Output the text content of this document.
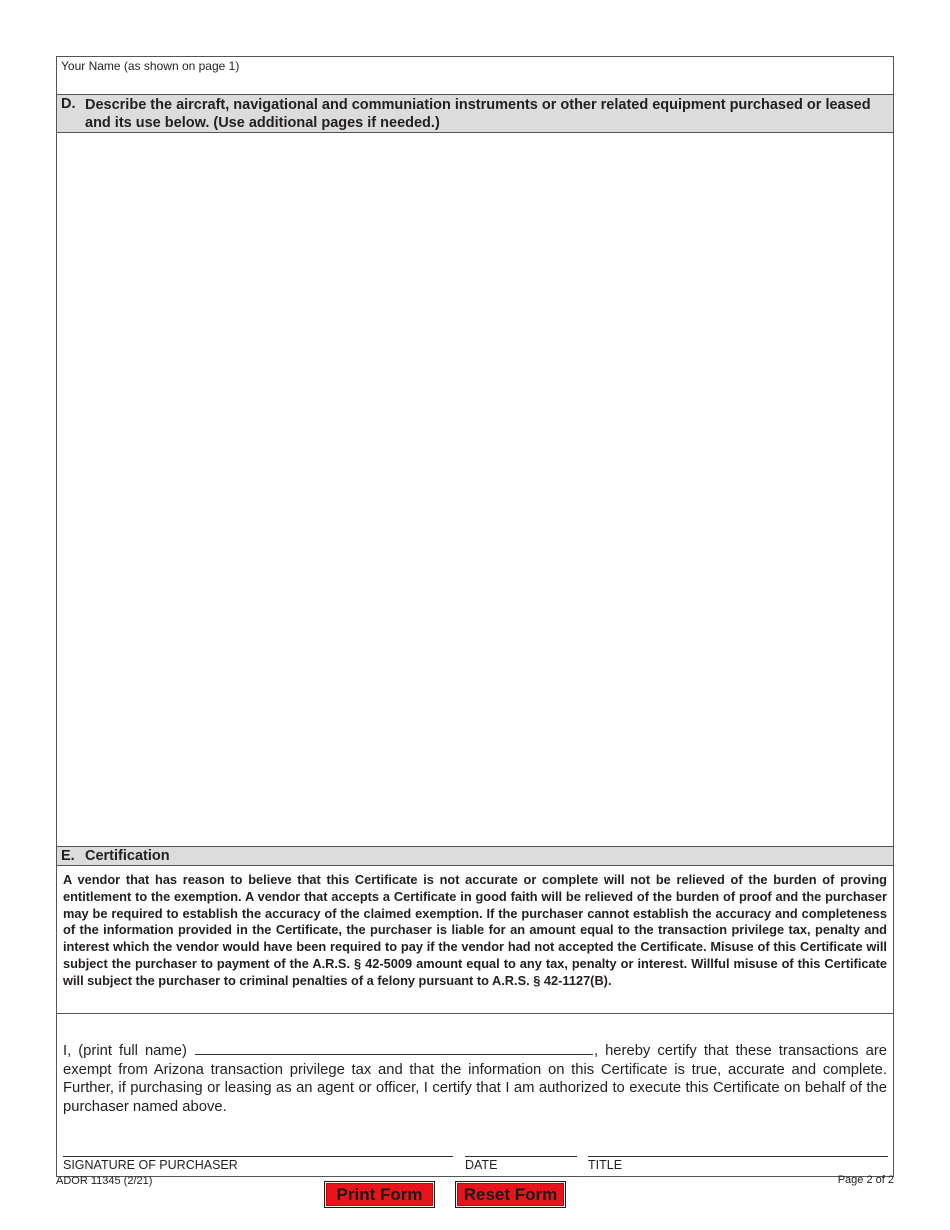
Your Name (as shown on page 1)
D. Describe the aircraft, navigational and communiation instruments or other related equipment purchased or leased and its use below. (Use additional pages if needed.)
E. Certification
A vendor that has reason to believe that this Certificate is not accurate or complete will not be relieved of the burden of proving entitlement to the exemption. A vendor that accepts a Certificate in good faith will be relieved of the burden of proof and the purchaser may be required to establish the accuracy of the claimed exemption. If the purchaser cannot establish the accuracy and completeness of the information provided in the Certificate, the purchaser is liable for an amount equal to the transaction privilege tax, penalty and interest which the vendor would have been required to pay if the vendor had not accepted the Certificate. Misuse of this Certificate will subject the purchaser to payment of the A.R.S. § 42-5009 amount equal to any tax, penalty or interest. Willful misuse of this Certificate will subject the purchaser to criminal penalties of a felony pursuant to A.R.S. § 42-1127(B).
I, (print full name)	, hereby certify that these transactions are exempt from Arizona transaction privilege tax and that the information on this Certificate is true, accurate and complete. Further, if purchasing or leasing as an agent or officer, I certify that I am authorized to execute this Certificate on behalf of the purchaser named above.
SIGNATURE OF PURCHASER	DATE	TITLE
ADOR 11345 (2/21)	Page 2 of 2
Print Form	Reset Form
